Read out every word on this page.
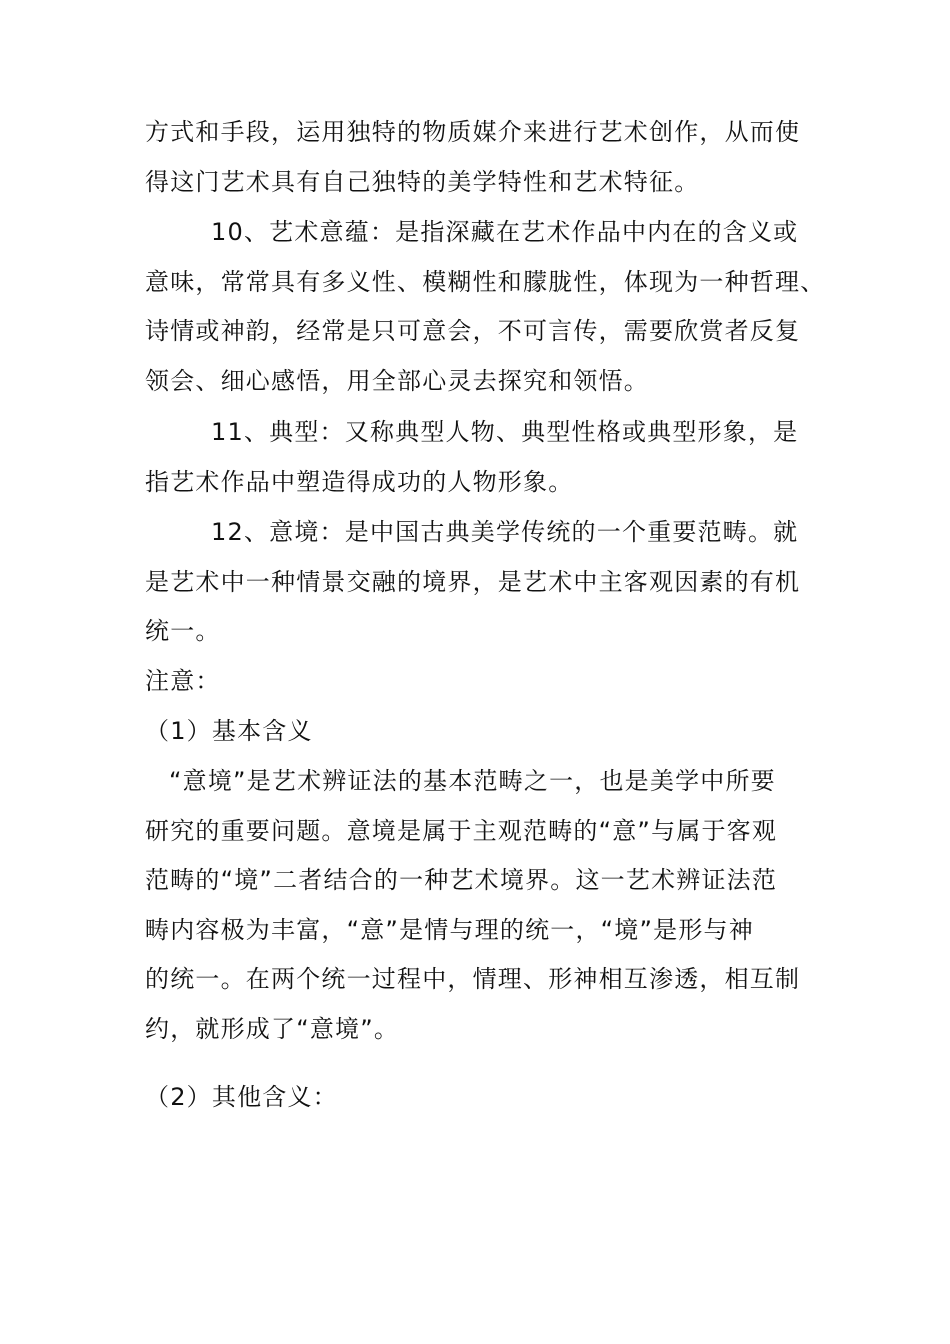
方式和手段，运用独特的物质媒介来进行艺术创作，从而使
得这门艺术具有自己独特的美学特性和艺术特征。
10、艺术意蕴：是指深藏在艺术作品中内在的含义或
意味，常常具有多义性、模糊性和朦胧性，体现为一种哲理、
诗情或神韵，经常是只可意会，不可言传，需要欣赏者反复
领会、细心感悟，用全部心灵去探究和领悟。
11、典型：又称典型人物、典型性格或典型形象，是
指艺术作品中塑造得成功的人物形象。
12、意境：是中国古典美学传统的一个重要范畴。就
是艺术中一种情景交融的境界，是艺术中主客观因素的有机
统一。
注意：
（1）基本含义
“意境”是艺术辨证法的基本范畴之一，也是美学中所要
研究的重要问题。意境是属于主观范畴的“意”与属于客观
范畴的“境”二者结合的一种艺术境界。这一艺术辨证法范
畴内容极为丰富，“意”是情与理的统一，“境”是形与神
的统一。在两个统一过程中，情理、形神相互渗透，相互制
约，就形成了“意境”。
（2）其他含义：
